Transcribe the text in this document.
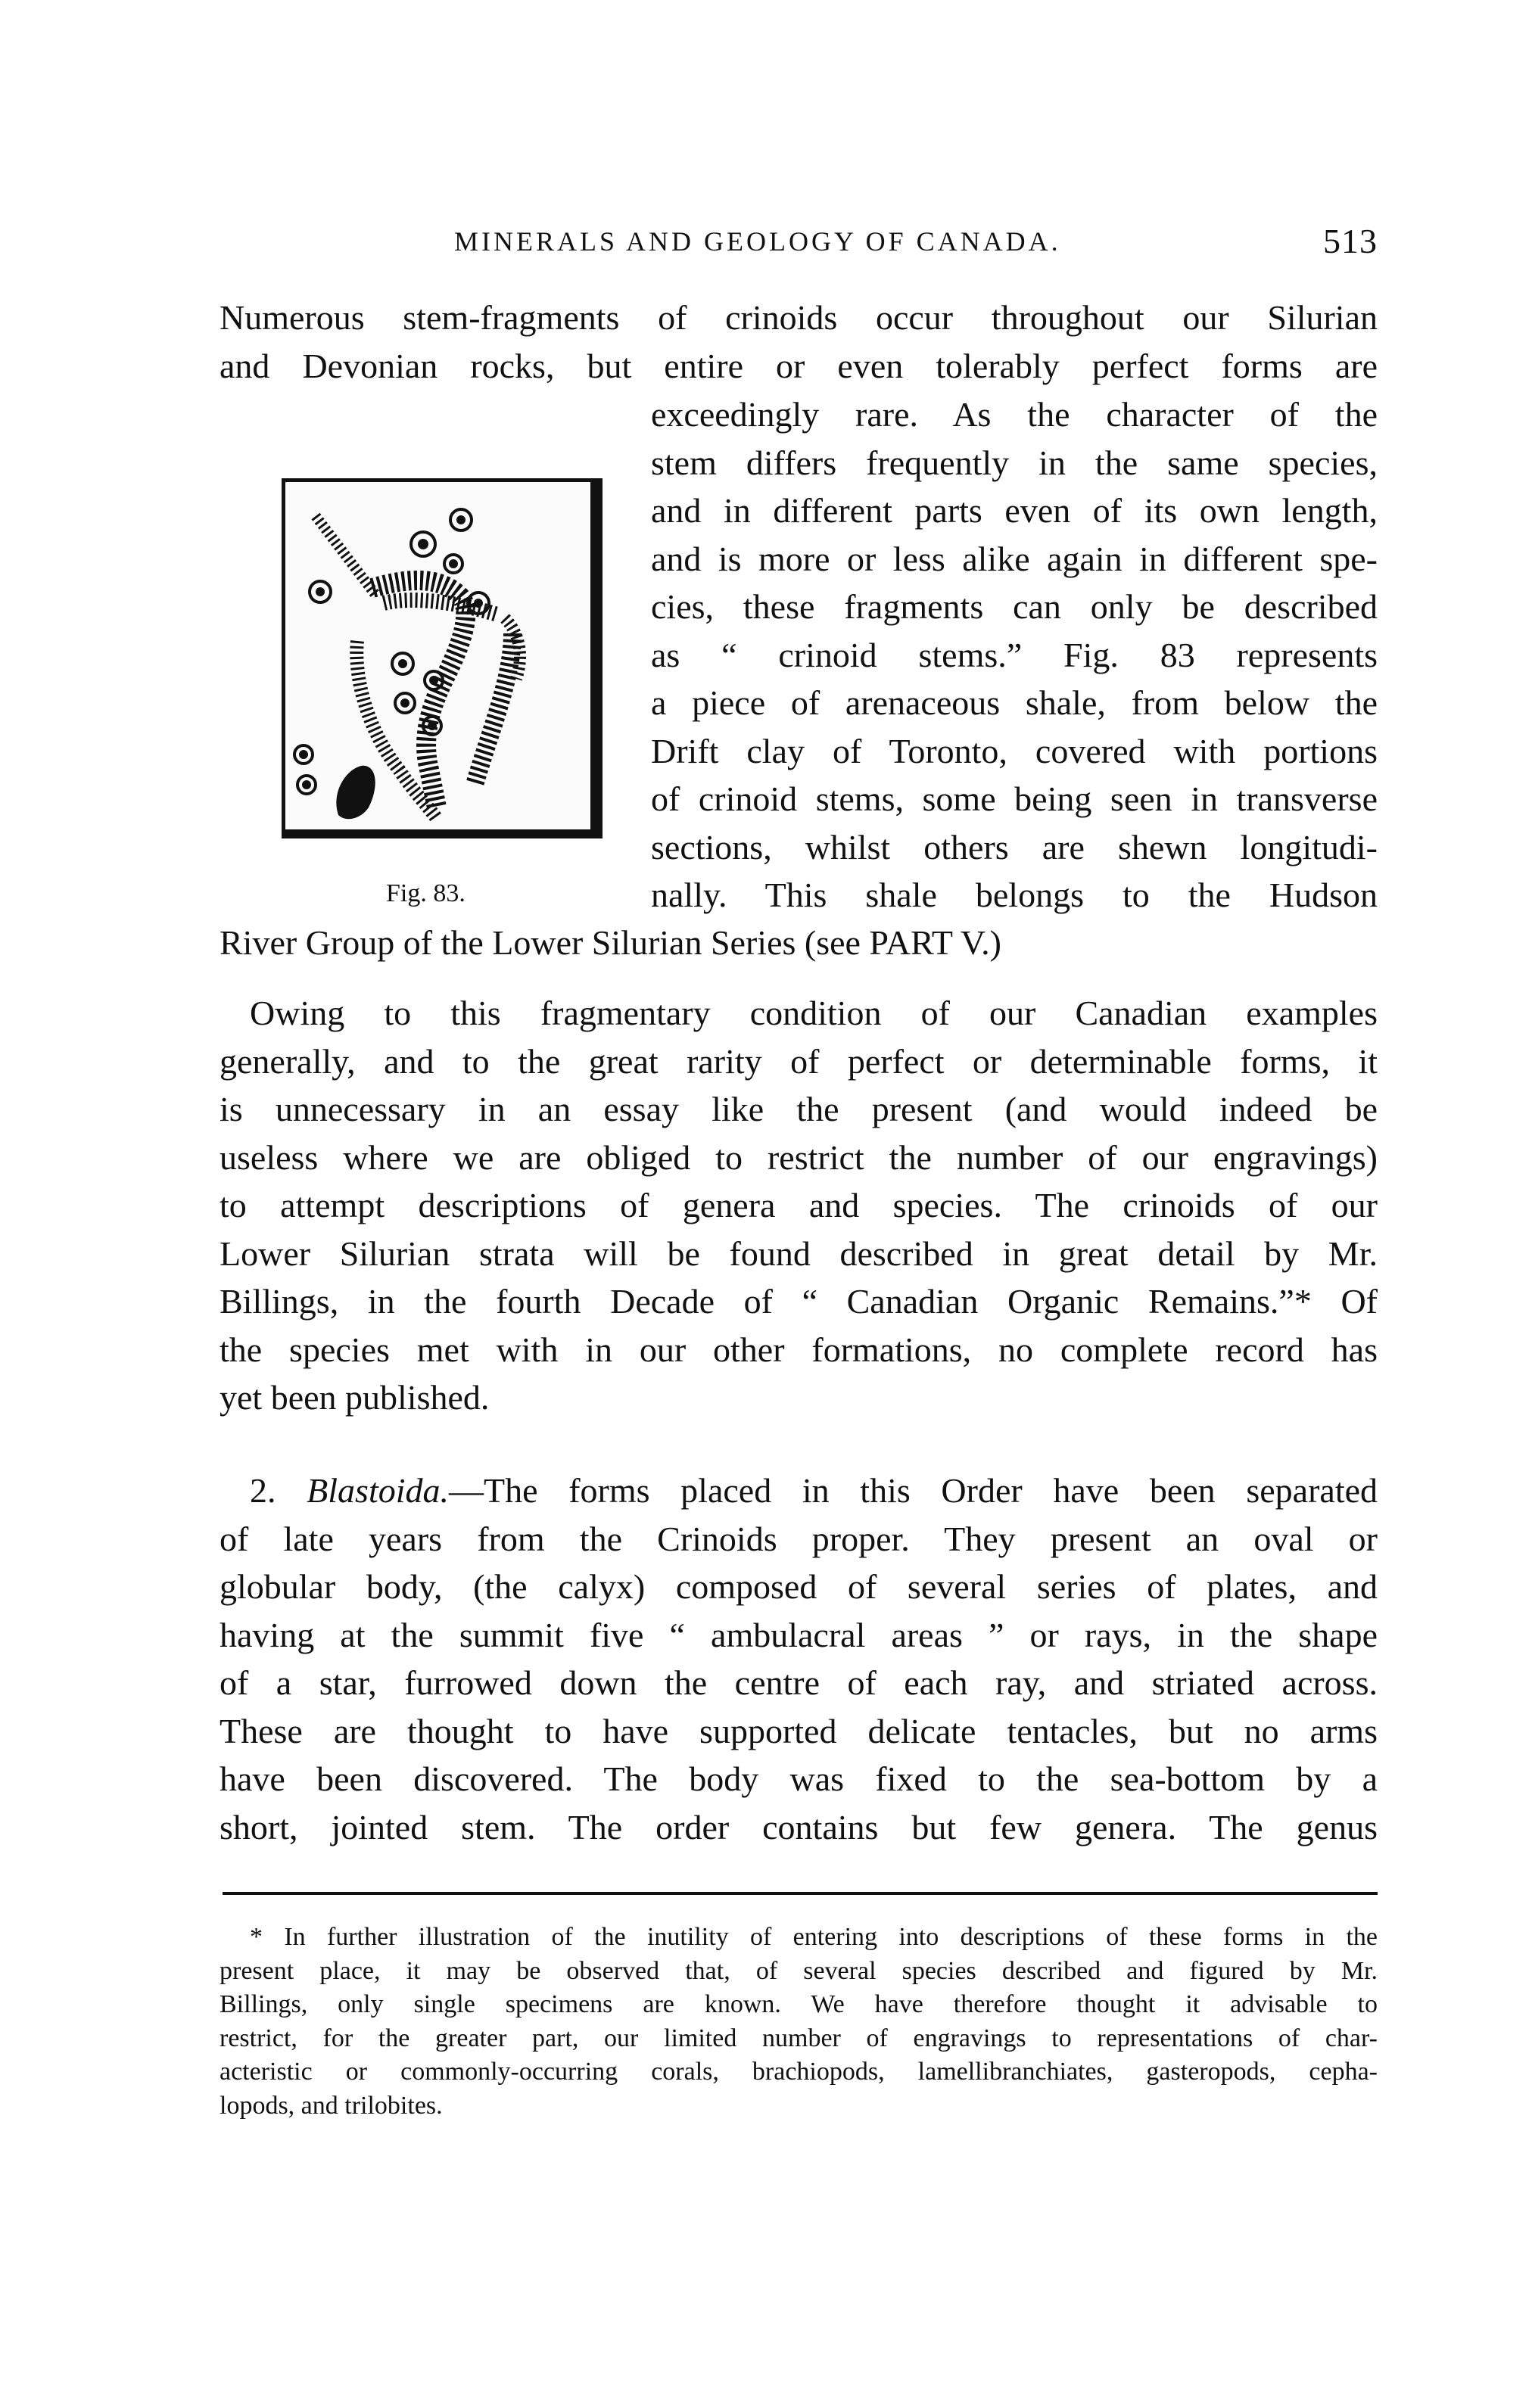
MINERALS AND GEOLOGY OF CANADA.	513
Numerous stem-fragments of crinoids occur throughout our Silurian
and Devonian rocks, but entire or even tolerably perfect forms are
Fig. 83.
exceedingly rare. As the character of the
stem differs frequently in the same species,
and in different parts even of its own length,
and is more or less alike again in different spe-
cies, these fragments can only be described
as “ crinoid stems.” Fig. 83 represents
a piece of arenaceous shale, from below the
Drift clay of Toronto, covered with portions
of crinoid stems, some being seen in transverse
sections, whilst others are shewn longitudi-
nally. This shale belongs to the Hudson
River Group of the Lower Silurian Series (see PART V.)
Owing to this fragmentary condition of our Canadian examples
generally, and to the great rarity of perfect or determinable forms, it
is unnecessary in an essay like the present (and would indeed be
useless where we are obliged to restrict the number of our engravings)
to attempt descriptions of genera and species. The crinoids of our
Lower Silurian strata will be found described in great detail by Mr.
Billings, in the fourth Decade of “ Canadian Organic Remains.”* Of
the species met with in our other formations, no complete record has
yet been published.
2. Blastoida.—The forms placed in this Order have been separated
of late years from the Crinoids proper. They present an oval or
globular body, (the calyx) composed of several series of plates, and
having at the summit five “ ambulacral areas ” or rays, in the shape
of a star, furrowed down the centre of each ray, and striated across.
These are thought to have supported delicate tentacles, but no arms
have been discovered. The body was fixed to the sea-bottom by a
short, jointed stem. The order contains but few genera. The genus
* In further illustration of the inutility of entering into descriptions of these forms in the
present place, it may be observed that, of several species described and figured by Mr.
Billings, only single specimens are known. We have therefore thought it advisable to
restrict, for the greater part, our limited number of engravings to representations of char-
acteristic or commonly-occurring corals, brachiopods, lamellibranchiates, gasteropods, cepha-
lopods, and trilobites.
